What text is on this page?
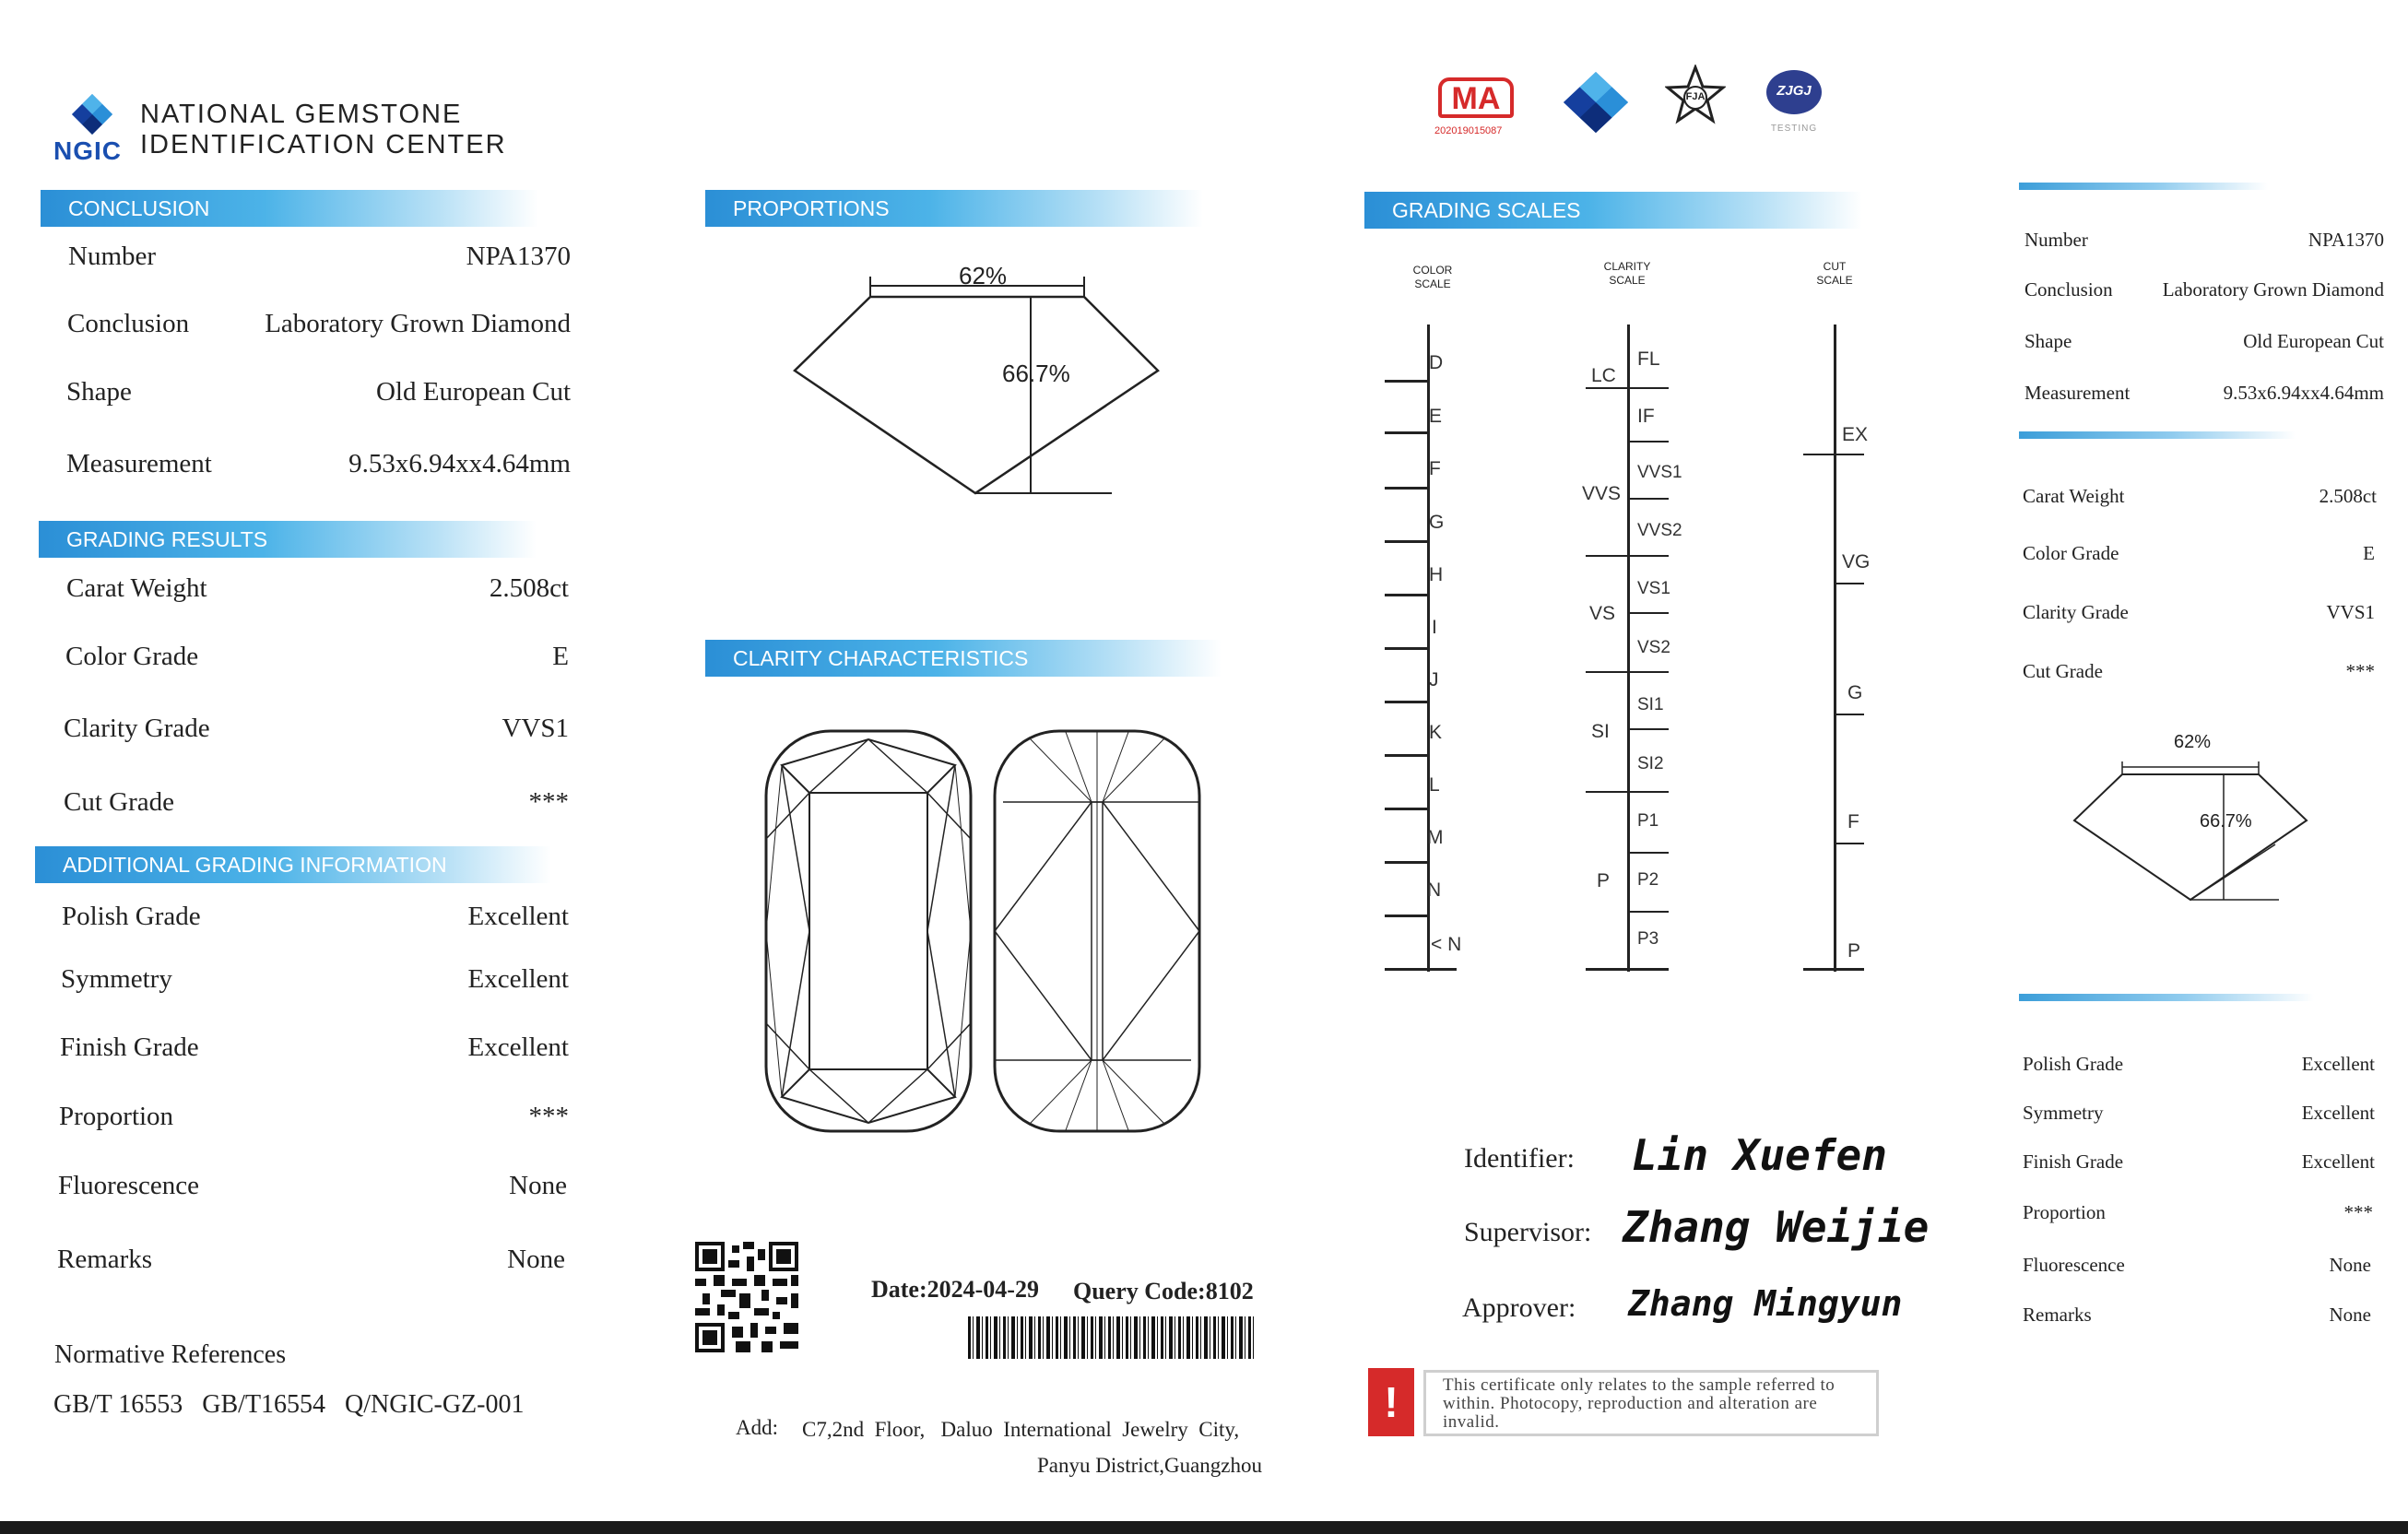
NGIC
NATIONAL GEMSTONE
IDENTIFICATION CENTER
CONCLUSION
Number	NPA1370
Conclusion	Laboratory Grown Diamond
Shape	Old European Cut
Measurement	9.53x6.94xx4.64mm
GRADING RESULTS
Carat Weight	2.508ct
Color Grade	E
Clarity Grade	VVS1
Cut Grade	***
ADDITIONAL GRADING INFORMATION
Polish Grade	Excellent
Symmetry	Excellent
Finish Grade	Excellent
Proportion	***
Fluorescence	None
Remarks	None
Normative References
GB/T 16553   GB/T16554   Q/NGIC-GZ-001
PROPORTIONS
62%
66.7%
CLARITY CHARACTERISTICS
Date:2024-04-29 Query Code:8102
Add: C7,2nd  Floor,   Daluo  International  Jewelry  City,
Panyu District,Guangzhou
MA
202019015087
FJA	ZJGJ
TESTING
GRADING SCALES
COLOR
SCALE
CLARITY
SCALE
CUT
SCALE
D
E
F
G
H
I
J
K
L
M
N
< N
FL
IF
VVS1
VVS2
VS1
VS2
SI1
SI2
P1
P2
P3
LC
VVS
VS
SI
P
EX
VG
G
F
P
Identifier: Lin Xuefen
Supervisor: Zhang Weijie
Approver: Zhang Mingyun
!	This certificate only relates to the sample referred to within. Photocopy, reproduction and alteration are invalid.
Number	NPA1370
Conclusion	Laboratory Grown Diamond
Shape	Old European Cut
Measurement	9.53x6.94xx4.64mm
Carat Weight	2.508ct
Color Grade	E
Clarity Grade	VVS1
Cut Grade	***
62%
66.7%
Polish Grade	Excellent
Symmetry	Excellent
Finish Grade	Excellent
Proportion	***
Fluorescence	None
Remarks	None
